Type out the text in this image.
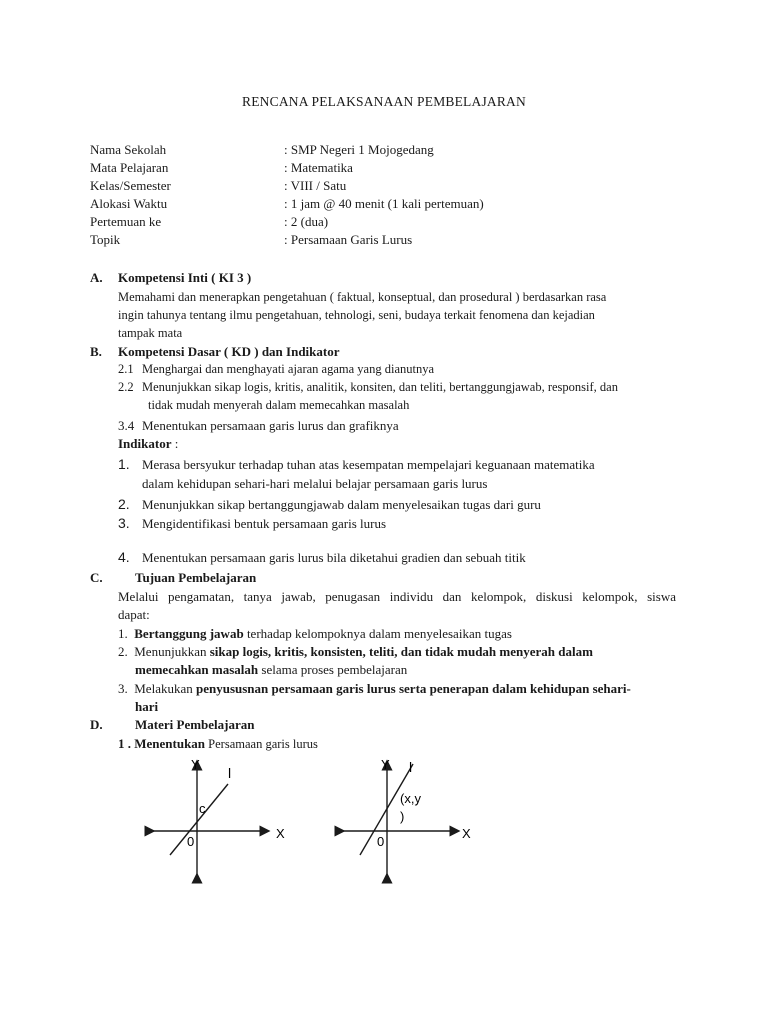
RENCANA PELAKSANAAN PEMBELAJARAN
Nama Sekolah	: SMP Negeri 1 Mojogedang
Mata Pelajaran	: Matematika
Kelas/Semester	: VIII / Satu
Alokasi Waktu	: 1 jam @ 40 menit (1 kali pertemuan)
Pertemuan ke	: 2 (dua)
Topik	: Persamaan Garis Lurus
A. Kompetensi Inti ( KI 3 )
Memahami dan menerapkan pengetahuan ( faktual, konseptual, dan prosedural ) berdasarkan rasa
ingin tahunya tentang ilmu pengetahuan, tehnologi, seni, budaya terkait fenomena dan kejadian
tampak mata
B. Kompetensi Dasar ( KD ) dan Indikator
2.1 Menghargai dan menghayati ajaran agama yang dianutnya
2.2 Menunjukkan sikap logis, kritis, analitik, konsiten, dan teliti, bertanggungjawab, responsif, dan
tidak mudah menyerah dalam memecahkan masalah
3.4 Menentukan persamaan garis lurus dan grafiknya
Indikator :
1. Merasa bersyukur terhadap tuhan atas kesempatan mempelajari keguanaan matematika
dalam kehidupan sehari-hari melalui belajar persamaan garis lurus
2. Menunjukkan sikap bertanggungjawab dalam menyelesaikan tugas dari guru
3. Mengidentifikasi bentuk persamaan garis lurus
4. Menentukan persamaan garis lurus bila diketahui gradien dan sebuah titik
C. Tujuan Pembelajaran
Melalui pengamatan, tanya jawab, penugasan individu dan kelompok, diskusi kelompok, siswa
dapat:
1. Bertanggung jawab terhadap kelompoknya dalam menyelesaikan tugas
2. Menunjukkan sikap logis, kritis, konsisten, teliti, dan tidak mudah menyerah dalam
memecahkan masalah selama proses pembelajaran
3. Melakukan penyususnan persamaan garis lurus serta penerapan dalam kehidupan sehari-
hari
D. Materi Pembelajaran
1 . Menentukan Persamaan garis lurus
Y
l
c
0
X
Y l
(x,y
)
0
X
